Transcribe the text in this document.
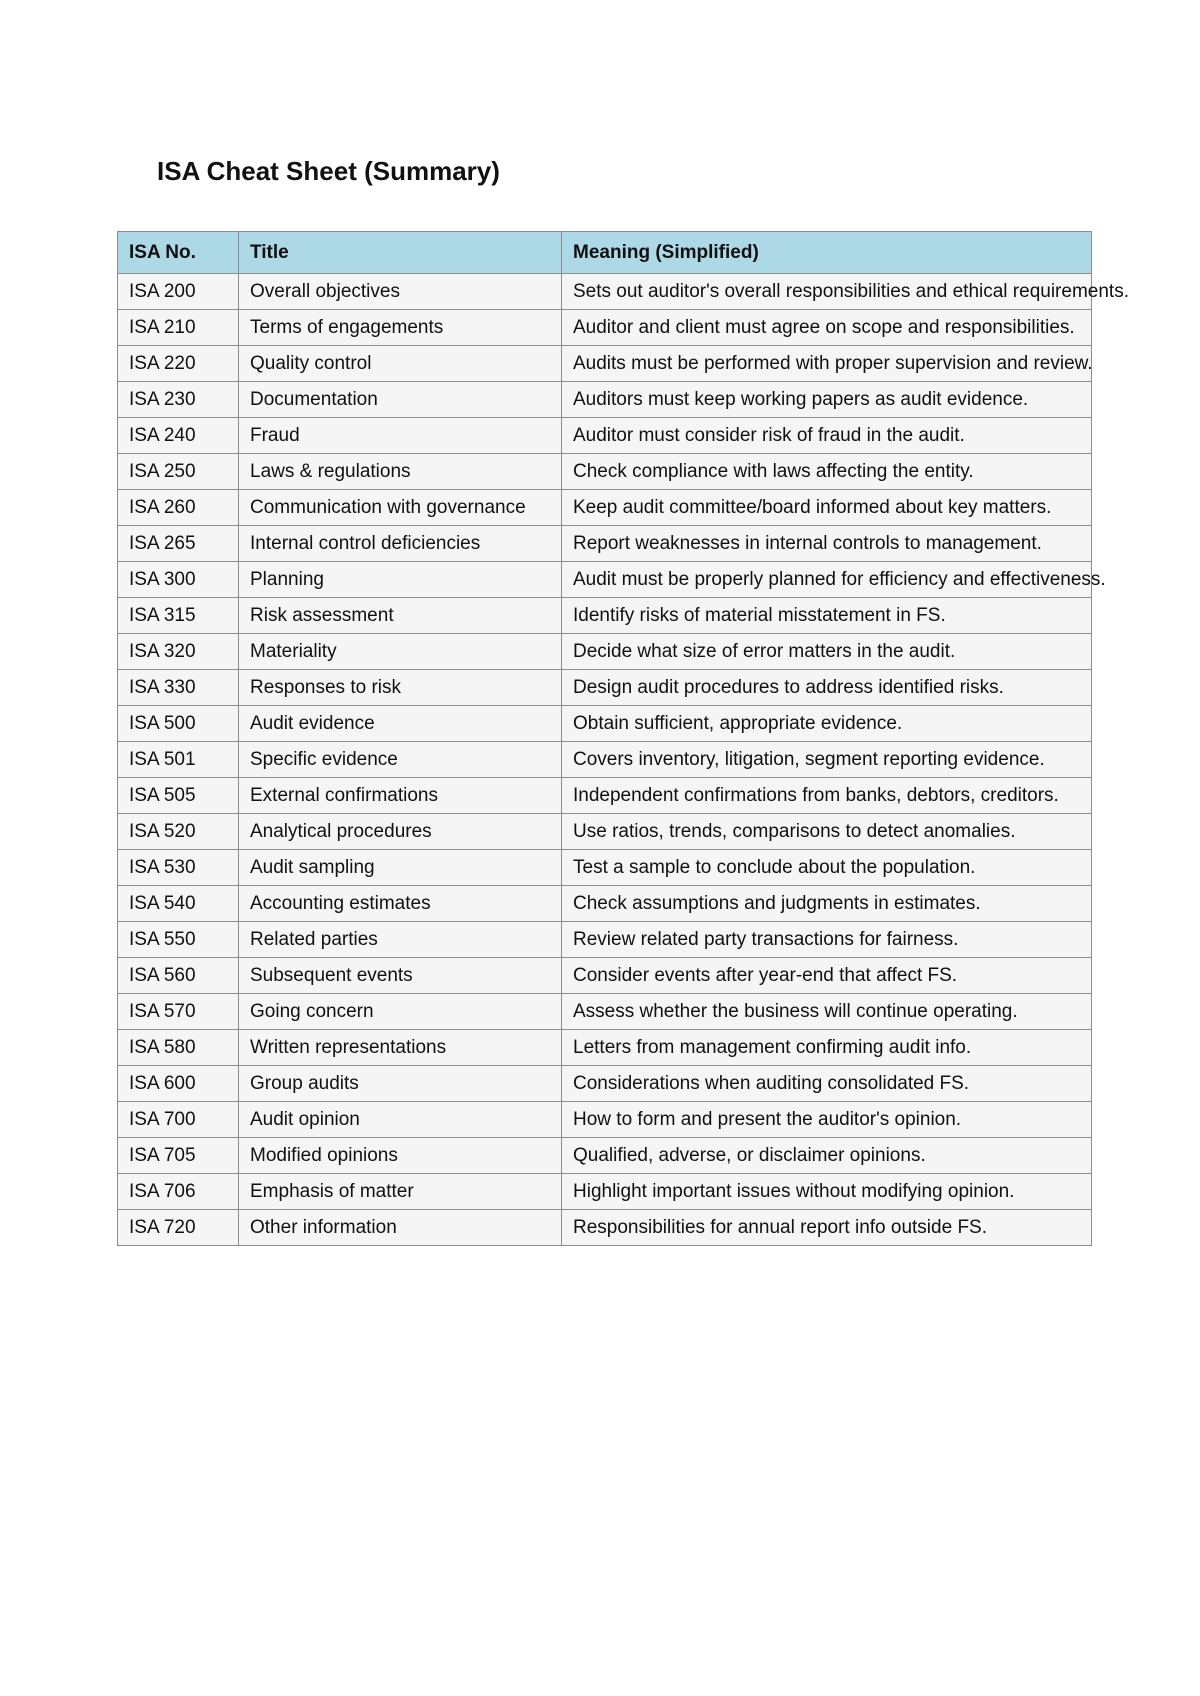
ISA Cheat Sheet (Summary)
ISA No.	Title	Meaning (Simplified)
ISA 200	Overall objectives	Sets out auditor's overall responsibilities and ethical requirements.
ISA 210	Terms of engagements	Auditor and client must agree on scope and responsibilities.
ISA 220	Quality control	Audits must be performed with proper supervision and review.
ISA 230	Documentation	Auditors must keep working papers as audit evidence.
ISA 240	Fraud	Auditor must consider risk of fraud in the audit.
ISA 250	Laws & regulations	Check compliance with laws affecting the entity.
ISA 260	Communication with governance	Keep audit committee/board informed about key matters.
ISA 265	Internal control deficiencies	Report weaknesses in internal controls to management.
ISA 300	Planning	Audit must be properly planned for efficiency and effectiveness.
ISA 315	Risk assessment	Identify risks of material misstatement in FS.
ISA 320	Materiality	Decide what size of error matters in the audit.
ISA 330	Responses to risk	Design audit procedures to address identified risks.
ISA 500	Audit evidence	Obtain sufficient, appropriate evidence.
ISA 501	Specific evidence	Covers inventory, litigation, segment reporting evidence.
ISA 505	External confirmations	Independent confirmations from banks, debtors, creditors.
ISA 520	Analytical procedures	Use ratios, trends, comparisons to detect anomalies.
ISA 530	Audit sampling	Test a sample to conclude about the population.
ISA 540	Accounting estimates	Check assumptions and judgments in estimates.
ISA 550	Related parties	Review related party transactions for fairness.
ISA 560	Subsequent events	Consider events after year-end that affect FS.
ISA 570	Going concern	Assess whether the business will continue operating.
ISA 580	Written representations	Letters from management confirming audit info.
ISA 600	Group audits	Considerations when auditing consolidated FS.
ISA 700	Audit opinion	How to form and present the auditor's opinion.
ISA 705	Modified opinions	Qualified, adverse, or disclaimer opinions.
ISA 706	Emphasis of matter	Highlight important issues without modifying opinion.
ISA 720	Other information	Responsibilities for annual report info outside FS.
